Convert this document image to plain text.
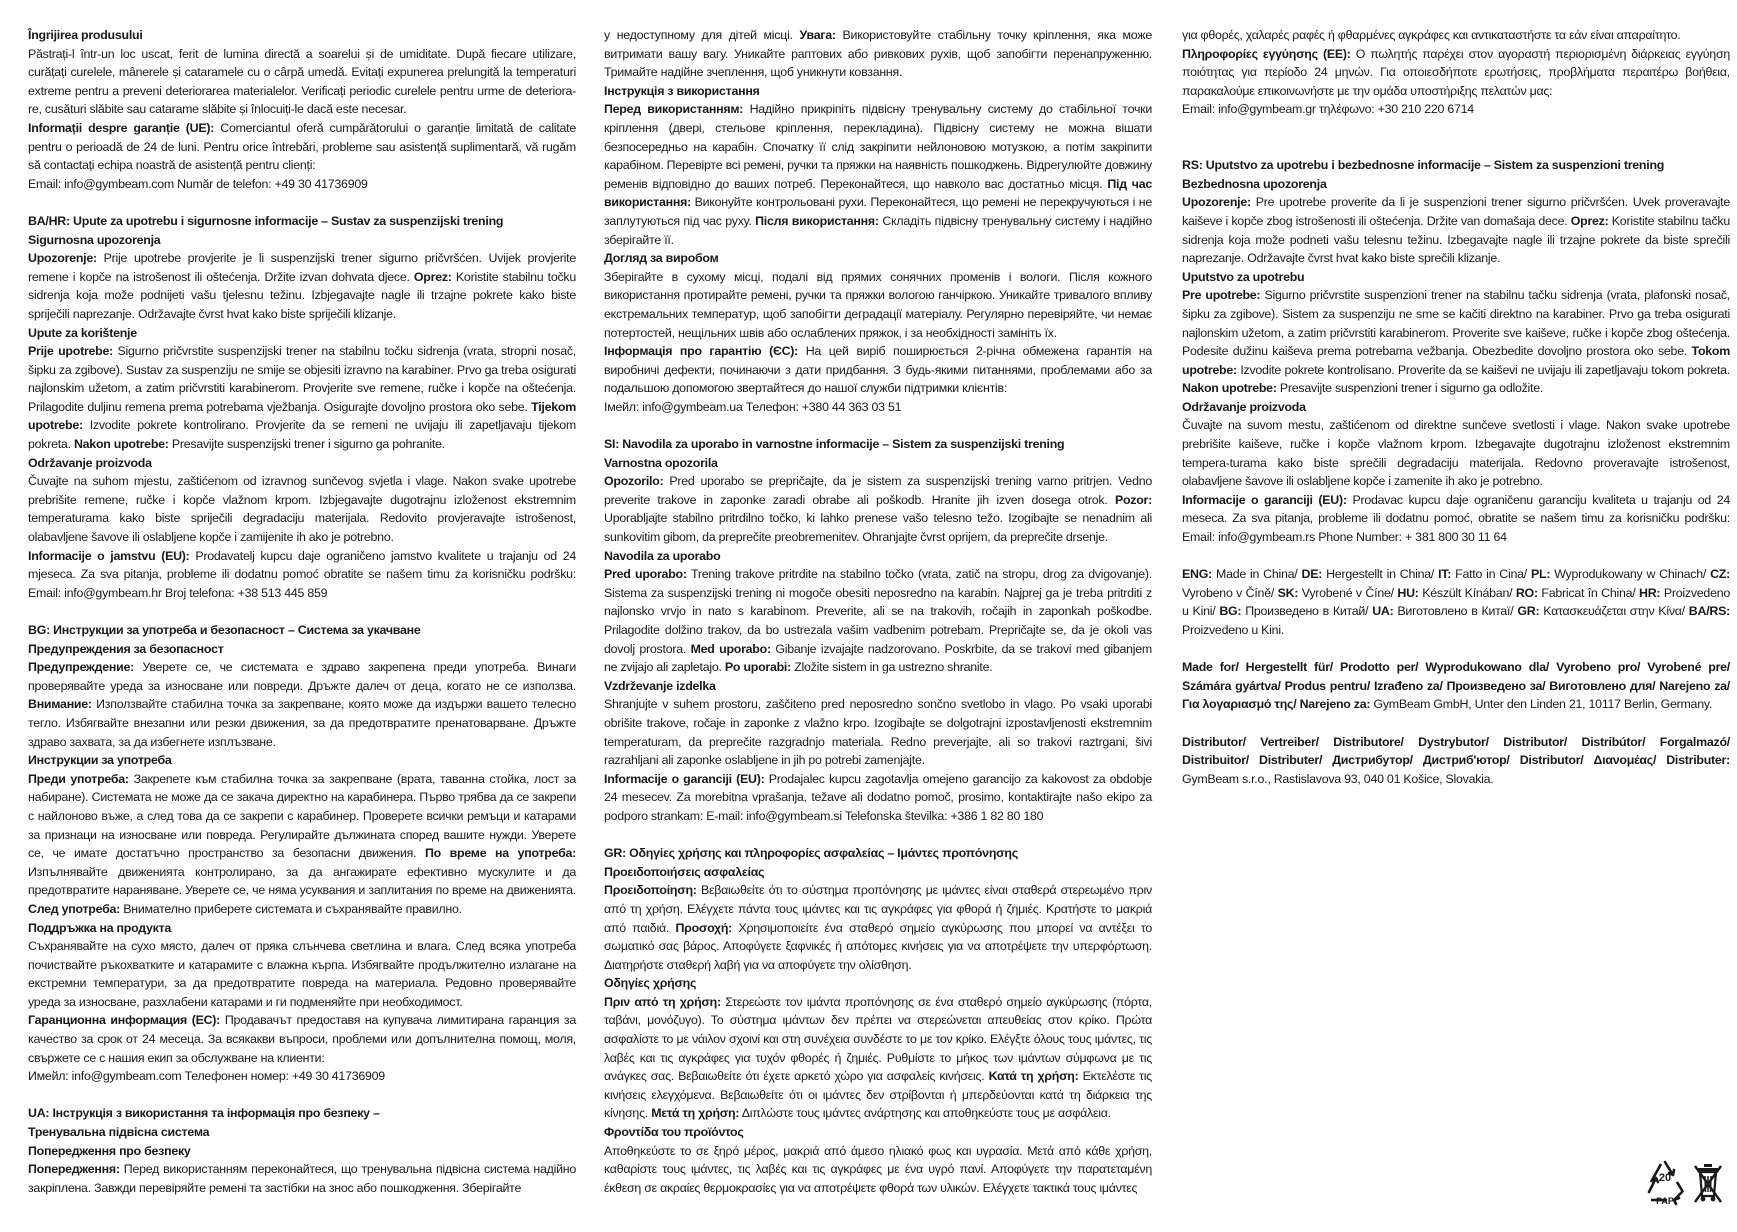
Îngrijirea produsului

Păstrați-l într-un loc uscat, ferit de lumina directă a soarelui și de umiditate. După fiecare utilizare, curățați curelele, mânerele și cataramele cu o cârpă umedă. Evitați expunerea prelungită la temperaturi extreme pentru a preveni deteriorarea materialelor. Verificați periodic curelele pentru urme de deteriora-re, cusături slăbite sau catarame slăbite și înlocuiți-le dacă este necesar.

Informații despre garanție (UE): Comerciantul oferă cumpărătorului o garanție limitată de calitate pentru o perioadă de 24 de luni. Pentru orice întrebări, probleme sau asistență suplimentară, vă rugăm să contactați echipa noastră de asistență pentru clienți:

Email: info@gymbeam.com Număr de telefon: +49 30 41736909

BA/HR: Upute za upotrebu i sigurnosne informacije – Sustav za suspenzijski trening

Sigurnosna upozorenja

Upozorenje: Prije upotrebe provjerite je li suspenzijski trener sigurno pričvršćen. Uvijek provjerite remene i kopče na istrošenost ili oštećenja. Držite izvan dohvata djece. Oprez: Koristite stabilnu točku sidrenja koja može podnijeti vašu tjelesnu težinu. Izbjegavajte nagle ili trzajne pokrete kako biste spriječili naprezanje. Održavajte čvrst hvat kako biste spriječili klizanje.

Upute za korištenje

Prije upotrebe: Sigurno pričvrstite suspenzijski trener na stabilnu točku sidrenja (vrata, stropni nosač, šipku za zgibove). Sustav za suspenziju ne smije se objesiti izravno na karabiner. Prvo ga treba osigurati najlonskim užetom, a zatim pričvrstiti karabinerom. Provjerite sve remene, ručke i kopče na oštećenja. Prilagodite duljinu remena prema potrebama vježbanja. Osigurajte dovoljno prostora oko sebe. Tijekom upotrebe: Izvodite pokrete kontrolirano. Provjerite da se remeni ne uvijaju ili zapetljavaju tijekom pokreta. Nakon upotrebe: Presavijte suspenzijski trener i sigurno ga pohranite.

Održavanje proizvoda

Čuvajte na suhom mjestu, zaštićenom od izravnog sunčevog svjetla i vlage. Nakon svake upotrebe prebrišite remene, ručke i kopče vlažnom krpom. Izbjegavajte dugotrajnu izloženost ekstremnim temperaturama kako biste spriječili degradaciju materijala. Redovito provjeravajte istrošenost, olabavljene šavove ili oslabljene kopče i zamijenite ih ako je potrebno.

Informacije o jamstvu (EU): Prodavatelj kupcu daje ograničeno jamstvo kvalitete u trajanju od 24 mjeseca. Za sva pitanja, probleme ili dodatnu pomoć obratite se našem timu za korisničku podršku: Email: info@gymbeam.hr Broj telefona: +38 513 445 859

BG: Инструкции за употреба и безопасност – Система за укачване

Предупреждения за безопасност

Предупреждение: Уверете се, че системата е здраво закрепена преди употреба. Винаги проверявайте уреда за износване или повреди. Дръжте далеч от деца, когато не се използва. Внимание: Използвайте стабилна точка за закрепване, която може да издържи вашето телесно тегло. Избягвайте внезапни или резки движения, за да предотвратите пренатоварване. Дръжте здраво захвата, за да избегнете изплъзване.

Инструкции за употреба

Преди употреба: Закрепете към стабилна точка за закрепване (врата, таванна стойка, лост за набиране). Системата не може да се закача директно на карабинера. Първо трябва да се закрепи с найлоново въже, а след това да се закрепи с карабинер. Проверете всички ремъци и катарами за признаци на износване или повреда. Регулирайте дължината според вашите нужди. Уверете се, че имате достатъчно пространство за безопасни движения. По време на употреба: Изпълнявайте движенията контролирано, за да ангажирате ефективно мускулите и да предотвратите нараняване. Уверете се, че няма усуквания и заплитания по време на движенията. След употреба: Внимателно приберете системата и съхранявайте правилно.

Поддръжка на продукта

Съхранявайте на сухо място, далеч от пряка слънчева светлина и влага. След всяка употреба почиствайте ръкохватките и катарамите с влажна кърпа. Избягвайте продължително излагане на екстремни температури, за да предотвратите повреда на материала. Редовно проверявайте уреда за износване, разхлабени катарами и ги подменяйте при необходимост.

Гаранционна информация (ЕС): Продавачът предоставя на купувача лимитирана гаранция за качество за срок от 24 месеца. За всякакви въпроси, проблеми или допълнителна помощ, моля, свържете се с нашия екип за обслужване на клиенти:

Имейл: info@gymbeam.com Телефонен номер: +49 30 41736909

UA: Інструкція з використання та інформація про безпеку –

Тренувальна підвісна система

Попередження про безпеку

Попередження: Перед використанням переконайтеся, що тренувальна підвісна система надійно закріплена. Завжди перевіряйте ремені та застібки на знос або пошкодження. Зберігайте

у недоступному для дітей місці. Увага: Використовуйте стабільну точку кріплення, яка може витримати вашу вагу. Уникайте раптових або ривкових рухів, щоб запобігти перенапруженню. Тримайте надійне зчеплення, щоб уникнути ковзання.

Інструкція з використання

Перед використанням: Надійно прикріпіть підвісну тренувальну систему до стабільної точки кріплення (двері, стельове кріплення, перекладина). Підвісну систему не можна вішати безпосередньо на карабін. Спочатку її слід закріпити нейлоновою мотузкою, а потім закріпити карабіном. Перевірте всі ремені, ручки та пряжки на наявність пошкоджень. Відрегулюйте довжину ременів відповідно до ваших потреб. Переконайтеся, що навколо вас достатньо місця. Під час використання: Виконуйте контрольовані рухи. Переконайтеся, що ремені не перекручуються і не заплутуються під час руху. Після використання: Складіть підвісну тренувальну систему і надійно зберігайте її.

Догляд за виробом

Зберігайте в сухому місці, подалі від прямих сонячних променів і вологи. Після кожного використання протирайте ремені, ручки та пряжки вологою ганчіркою. Уникайте тривалого впливу екстремальних температур, щоб запобігти деградації матеріалу. Регулярно перевіряйте, чи немає потертостей, нещільних швів або ослаблених пряжок, і за необхідності замініть їх.

Інформація про гарантію (ЄС): На цей виріб поширюється 2-річна обмежена гарантія на виробничі дефекти, починаючи з дати придбання. З будь-якими питаннями, проблемами або за подальшою допомогою звертайтеся до нашої служби підтримки клієнтів:

Імейл: info@gymbeam.ua Телефон: +380 44 363 03 51

SI: Navodila za uporabo in varnostne informacije – Sistem za suspenzijski trening

Varnostna opozorila

Opozorilo: Pred uporabo se prepričajte, da je sistem za suspenzijski trening varno pritrjen. Vedno preverite trakove in zaponke zaradi obrabe ali poškodb. Hranite jih izven dosega otrok. Pozor: Uporabljajte stabilno pritrdilno točko, ki lahko prenese vašo telesno težo. Izogibajte se nenadnim ali sunkovitim gibom, da preprečite preobremenitev. Ohranjajte čvrst oprijem, da preprečite drsenje.

Navodila za uporabo

Pred uporabo: Trening trakove pritrdite na stabilno točko (vrata, zatič na stropu, drog za dvigovanje). Sistema za suspenzijski trening ni mogoče obesiti neposredno na karabin. Najprej ga je treba pritrditi z najlonsko vrvjo in nato s karabinom. Preverite, ali se na trakovih, ročajih in zaponkah poškodbe. Prilagodite dolžino trakov, da bo ustrezala vašim vadbenim potrebam. Prepričajte se, da je okoli vas dovolj prostora. Med uporabo: Gibanje izvajajte nadzorovano. Poskrbite, da se trakovi med gibanjem ne zvijajo ali zapletajo. Po uporabi: Zložite sistem in ga ustrezno shranite.

Vzdrževanje izdelka

Shranjujte v suhem prostoru, zaščiteno pred neposredno sončno svetlobo in vlago. Po vsaki uporabi obrišite trakove, ročaje in zaponke z vlažno krpo. Izogibajte se dolgotrajni izpostavljenosti ekstremnim temperaturam, da preprečite razgradnjo materiala. Redno preverjajte, ali so trakovi raztrgani, šivi razrahljani ali zaponke oslabljene in jih po potrebi zamenjajte.

Informacije o garanciji (EU): Prodajalec kupcu zagotavlja omejeno garancijo za kakovost za obdobje 24 mesecev. Za morebitna vprašanja, težave ali dodatno pomoč, prosimo, kontaktirajte našo ekipo za podporo strankam: E-mail: info@gymbeam.si Telefonska številka: +386 1 82 80 180

GR: Οδηγίες χρήσης και πληροφορίες ασφαλείας – Ιμάντες προπόνησης

Προειδοποιήσεις ασφαλείας

Προειδοποίηση: Βεβαιωθείτε ότι το σύστημα προπόνησης με ιμάντες είναι σταθερά στερεωμένο πριν από τη χρήση. Ελέγχετε πάντα τους ιμάντες και τις αγκράφες για φθορά ή ζημιές. Κρατήστε το μακριά από παιδιά. Προσοχή: Χρησιμοποιείτε ένα σταθερό σημείο αγκύρωσης που μπορεί να αντέξει το σωματικό σας βάρος. Αποφύγετε ξαφνικές ή απότομες κινήσεις για να αποτρέψετε την υπερφόρτωση. Διατηρήστε σταθερή λαβή για να αποφύγετε την ολίσθηση.

Οδηγίες χρήσης

Πριν από τη χρήση: Στερεώστε τον ιμάντα προπόνησης σε ένα σταθερό σημείο αγκύρωσης (πόρτα, ταβάνι, μονόζυγο). Το σύστημα ιμάντων δεν πρέπει να στερεώνεται απευθείας στον κρίκο. Πρώτα ασφαλίστε το με νάιλον σχοινί και στη συνέχεια συνδέστε το με τον κρίκο. Ελέγξτε όλους τους ιμάντες, τις λαβές και τις αγκράφες για τυχόν φθορές ή ζημιές. Ρυθμίστε το μήκος των ιμάντων σύμφωνα με τις ανάγκες σας. Βεβαιωθείτε ότι έχετε αρκετό χώρο για ασφαλείς κινήσεις. Κατά τη χρήση: Εκτελέστε τις κινήσεις ελεγχόμενα. Βεβαιωθείτε ότι οι ιμάντες δεν στρίβονται ή μπερδεύονται κατά τη διάρκεια της κίνησης. Μετά τη χρήση: Διπλώστε τους ιμάντες ανάρτησης και αποθηκεύστε τους με ασφάλεια.

Φροντίδα του προϊόντος

Αποθηκεύστε το σε ξηρό μέρος, μακριά από άμεσο ηλιακό φως και υγρασία. Μετά από κάθε χρήση, καθαρίστε τους ιμάντες, τις λαβές και τις αγκράφες με ένα υγρό πανί. Αποφύγετε την παρατεταμένη έκθεση σε ακραίες θερμοκρασίες για να αποτρέψετε φθορά των υλικών. Ελέγχετε τακτικά τους ιμάντες

για φθορές, χαλαρές ραφές ή φθαρμένες αγκράφες και αντικαταστήστε τα εάν είναι απαραίτητο.

Πληροφορίες εγγύησης (ΕΕ): Ο πωλητής παρέχει στον αγοραστή περιορισμένη διάρκειας εγγύηση ποιότητας για περίοδο 24 μηνών. Για οποιεσδήποτε ερωτήσεις, προβλήματα περαιτέρω βοήθεια, παρακαλούμε επικοινωνήστε με την ομάδα υποστήριξης πελατών μας:

Email: info@gymbeam.gr τηλέφωνο: +30 210 220 6714

RS: Uputstvo za upotrebu i bezbednosne informacije – Sistem za suspenzioni trening

Bezbednosna upozorenja

Upozorenje: Pre upotrebe proverite da li je suspenzioni trener sigurno pričvršćen. Uvek proveravajte kaiševe i kopče zbog istrošenosti ili oštećenja. Držite van domašaja dece. Oprez: Koristite stabilnu tačku sidrenja koja može podneti vašu telesnu težinu. Izbegavajte nagle ili trzajne pokrete da biste sprečili naprezanje. Održavajte čvrst hvat kako biste sprečili klizanje.

Uputstvo za upotrebu

Pre upotrebe: Sigurno pričvrstite suspenzioni trener na stabilnu tačku sidrenja (vrata, plafonski nosač, šipku za zgibove). Sistem za suspenziju ne sme se kačiti direktno na karabiner. Prvo ga treba osigurati najlonskim užetom, a zatim pričvrstiti karabinerom. Proverite sve kaiševe, ručke i kopče zbog oštećenja. Podesite dužinu kaiševa prema potrebama vežbanja. Obezbedite dovoljno prostora oko sebe. Tokom upotrebe: Izvodite pokrete kontrolisano. Proverite da se kaiševi ne uvijaju ili zapetljavaju tokom pokreta. Nakon upotrebe: Presavijte suspenzioni trener i sigurno ga odložite.

Održavanje proizvoda

Čuvajte na suvom mestu, zaštićenom od direktne sunčeve svetlosti i vlage. Nakon svake upotrebe prebrišite kaiševe, ručke i kopče vlažnom krpom. Izbegavajte dugotrajnu izloženost ekstremnim tempera-turama kako biste sprečili degradaciju materijala. Redovno proveravajte istrošenost, olabavljene šavove ili oslabljene kopče i zamenite ih ako je potrebno.

Informacije o garanciji (EU): Prodavac kupcu daje ograničenu garanciju kvaliteta u trajanju od 24 meseca. Za sva pitanja, probleme ili dodatnu pomoć, obratite se našem timu za korisničku podršku: Email: info@gymbeam.rs Phone Number: + 381 800 30 11 64

ENG: Made in China/ DE: Hergestellt in China/ IT: Fatto in Cina/ PL: Wyprodukowany w Chinach/ CZ: Vyrobeno v Číně/ SK: Vyrobené v Číne/ HU: Készült Kínában/ RO: Fabricat în China/ HR: Proizvedeno u Kini/ BG: Произведено в Китай/ UA: Виготовлено в Китаї/ GR: Κατασκευάζεται στην Κίνα/ BA/RS: Proizvedeno u Kini.

Made for/ Hergestellt für/ Prodotto per/ Wyprodukowano dla/ Vyrobeno pro/ Vyrobené pre/ Számára gyártva/ Produs pentru/ Izrađeno za/ Произведено за/ Виготовлено для/ Narejeno za/ Για λογαριασμό της/ Narejeno za: GymBeam GmbH, Unter den Linden 21, 10117 Berlin, Germany.

Distributor/ Vertreiber/ Distributore/ Dystrybutor/ Distributor/ Distribútor/ Forgalmazó/ Distribuitor/ Distributer/ Дистрибутор/ Дистриб'ютор/ Distributor/ Διανομέας/ Distributer: GymBeam s.r.o., Rastislavova 93, 040 01 Košice, Slovakia.

20
PAP
